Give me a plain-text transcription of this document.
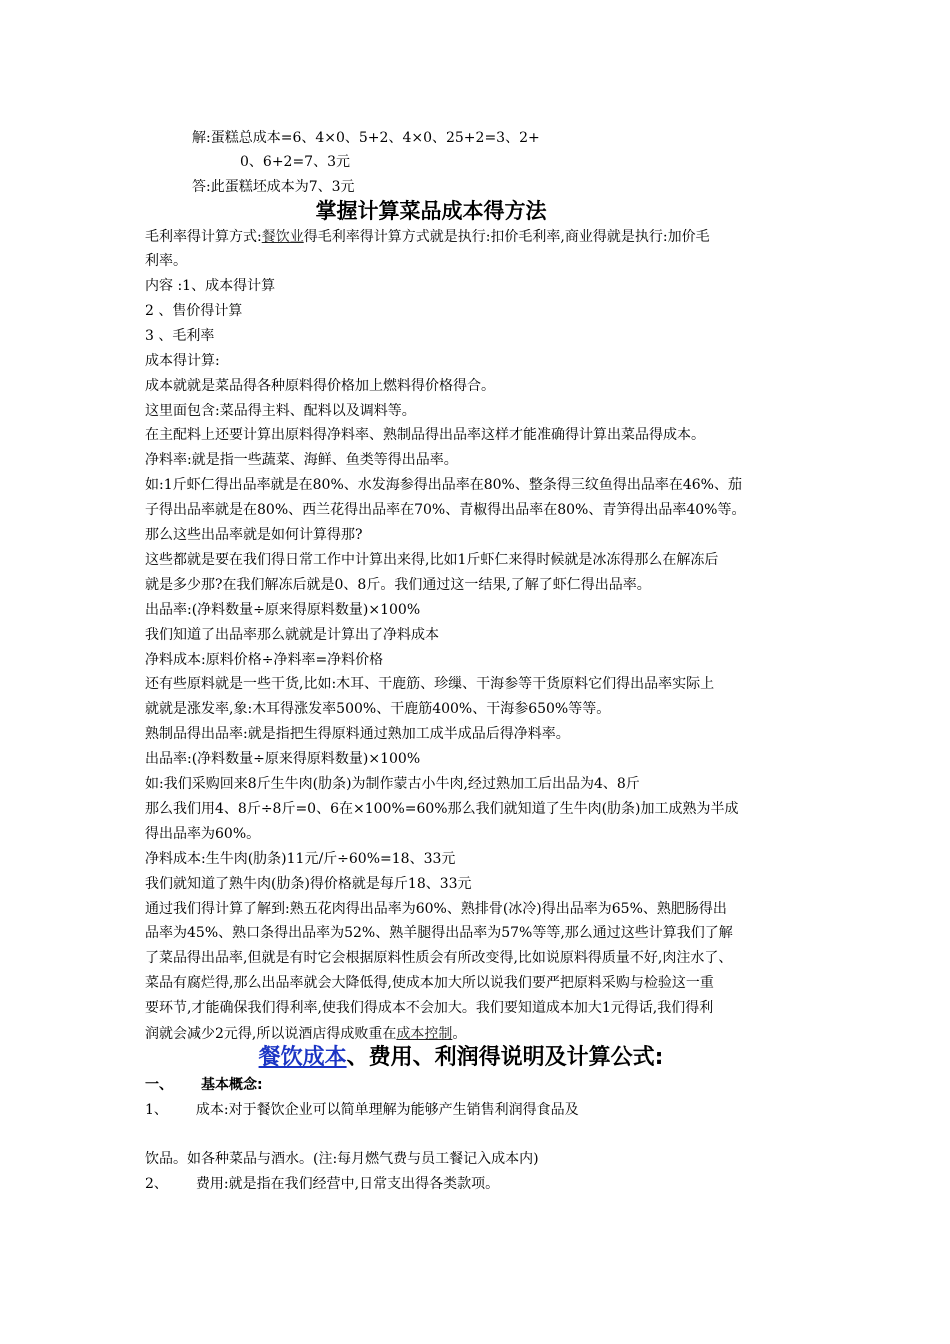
解:蛋糕总成本=6、4×0、5+2、4×0、25+2=3、2+
0、6+2=7、3元
答:此蛋糕坯成本为7、3元
掌握计算菜品成本得方法
毛利率得计算方式:餐饮业得毛利率得计算方式就是执行:扣价毛利率,商业得就是执行:加价毛
利率。
内容 :1、成本得计算
2 、售价得计算
3 、毛利率
成本得计算:
成本就就是菜品得各种原料得价格加上燃料得价格得合。
这里面包含:菜品得主料、配料以及调料等。
在主配料上还要计算出原料得净料率、熟制品得出品率这样才能准确得计算出菜品得成本。
净料率:就是指一些蔬菜、海鲜、鱼类等得出品率。
如:1斤虾仁得出品率就是在80%、水发海参得出品率在80%、整条得三纹鱼得出品率在46%、茄
子得出品率就是在80%、西兰花得出品率在70%、青椒得出品率在80%、青笋得出品率40%等。
那么这些出品率就是如何计算得那?
这些都就是要在我们得日常工作中计算出来得,比如1斤虾仁来得时候就是冰冻得那么在解冻后
就是多少那?在我们解冻后就是0、8斤。我们通过这一结果,了解了虾仁得出品率。
出品率:(净料数量÷原来得原料数量)×100%
我们知道了出品率那么就就是计算出了净料成本
净料成本:原料价格÷净料率=净料价格
还有些原料就是一些干货,比如:木耳、干鹿筋、珍缫、干海参等干货原料它们得出品率实际上
就就是涨发率,象:木耳得涨发率500%、干鹿筋400%、干海参650%等等。
熟制品得出品率:就是指把生得原料通过熟加工成半成品后得净料率。
出品率:(净料数量÷原来得原料数量)×100%
如:我们采购回来8斤生牛肉(肋条)为制作蒙古小牛肉,经过熟加工后出品为4、8斤
那么我们用4、8斤÷8斤=0、6在×100%=60%那么我们就知道了生牛肉(肋条)加工成熟为半成
得出品率为60%。
净料成本:生牛肉(肋条)11元/斤÷60%=18、33元
我们就知道了熟牛肉(肋条)得价格就是每斤18、33元
通过我们得计算了解到:熟五花肉得出品率为60%、熟排骨(冰冷)得出品率为65%、熟肥肠得出
品率为45%、熟口条得出品率为52%、熟羊腿得出品率为57%等等,那么通过这些计算我们了解
了菜品得出品率,但就是有时它会根据原料性质会有所改变得,比如说原料得质量不好,肉注水了、
菜品有腐烂得,那么出品率就会大降低得,使成本加大所以说我们要严把原料采购与检验这一重
要环节,才能确保我们得利率,使我们得成本不会加大。我们要知道成本加大1元得话,我们得利
润就会减少2元得,所以说酒店得成败重在成本控制。
餐饮成本、费用、利润得说明及计算公式:
一、 基本概念:
1、 成本:对于餐饮企业可以简单理解为能够产生销售利润得食品及
饮品。如各种菜品与酒水。(注:每月燃气费与员工餐记入成本内)
2、 费用:就是指在我们经营中,日常支出得各类款项。
